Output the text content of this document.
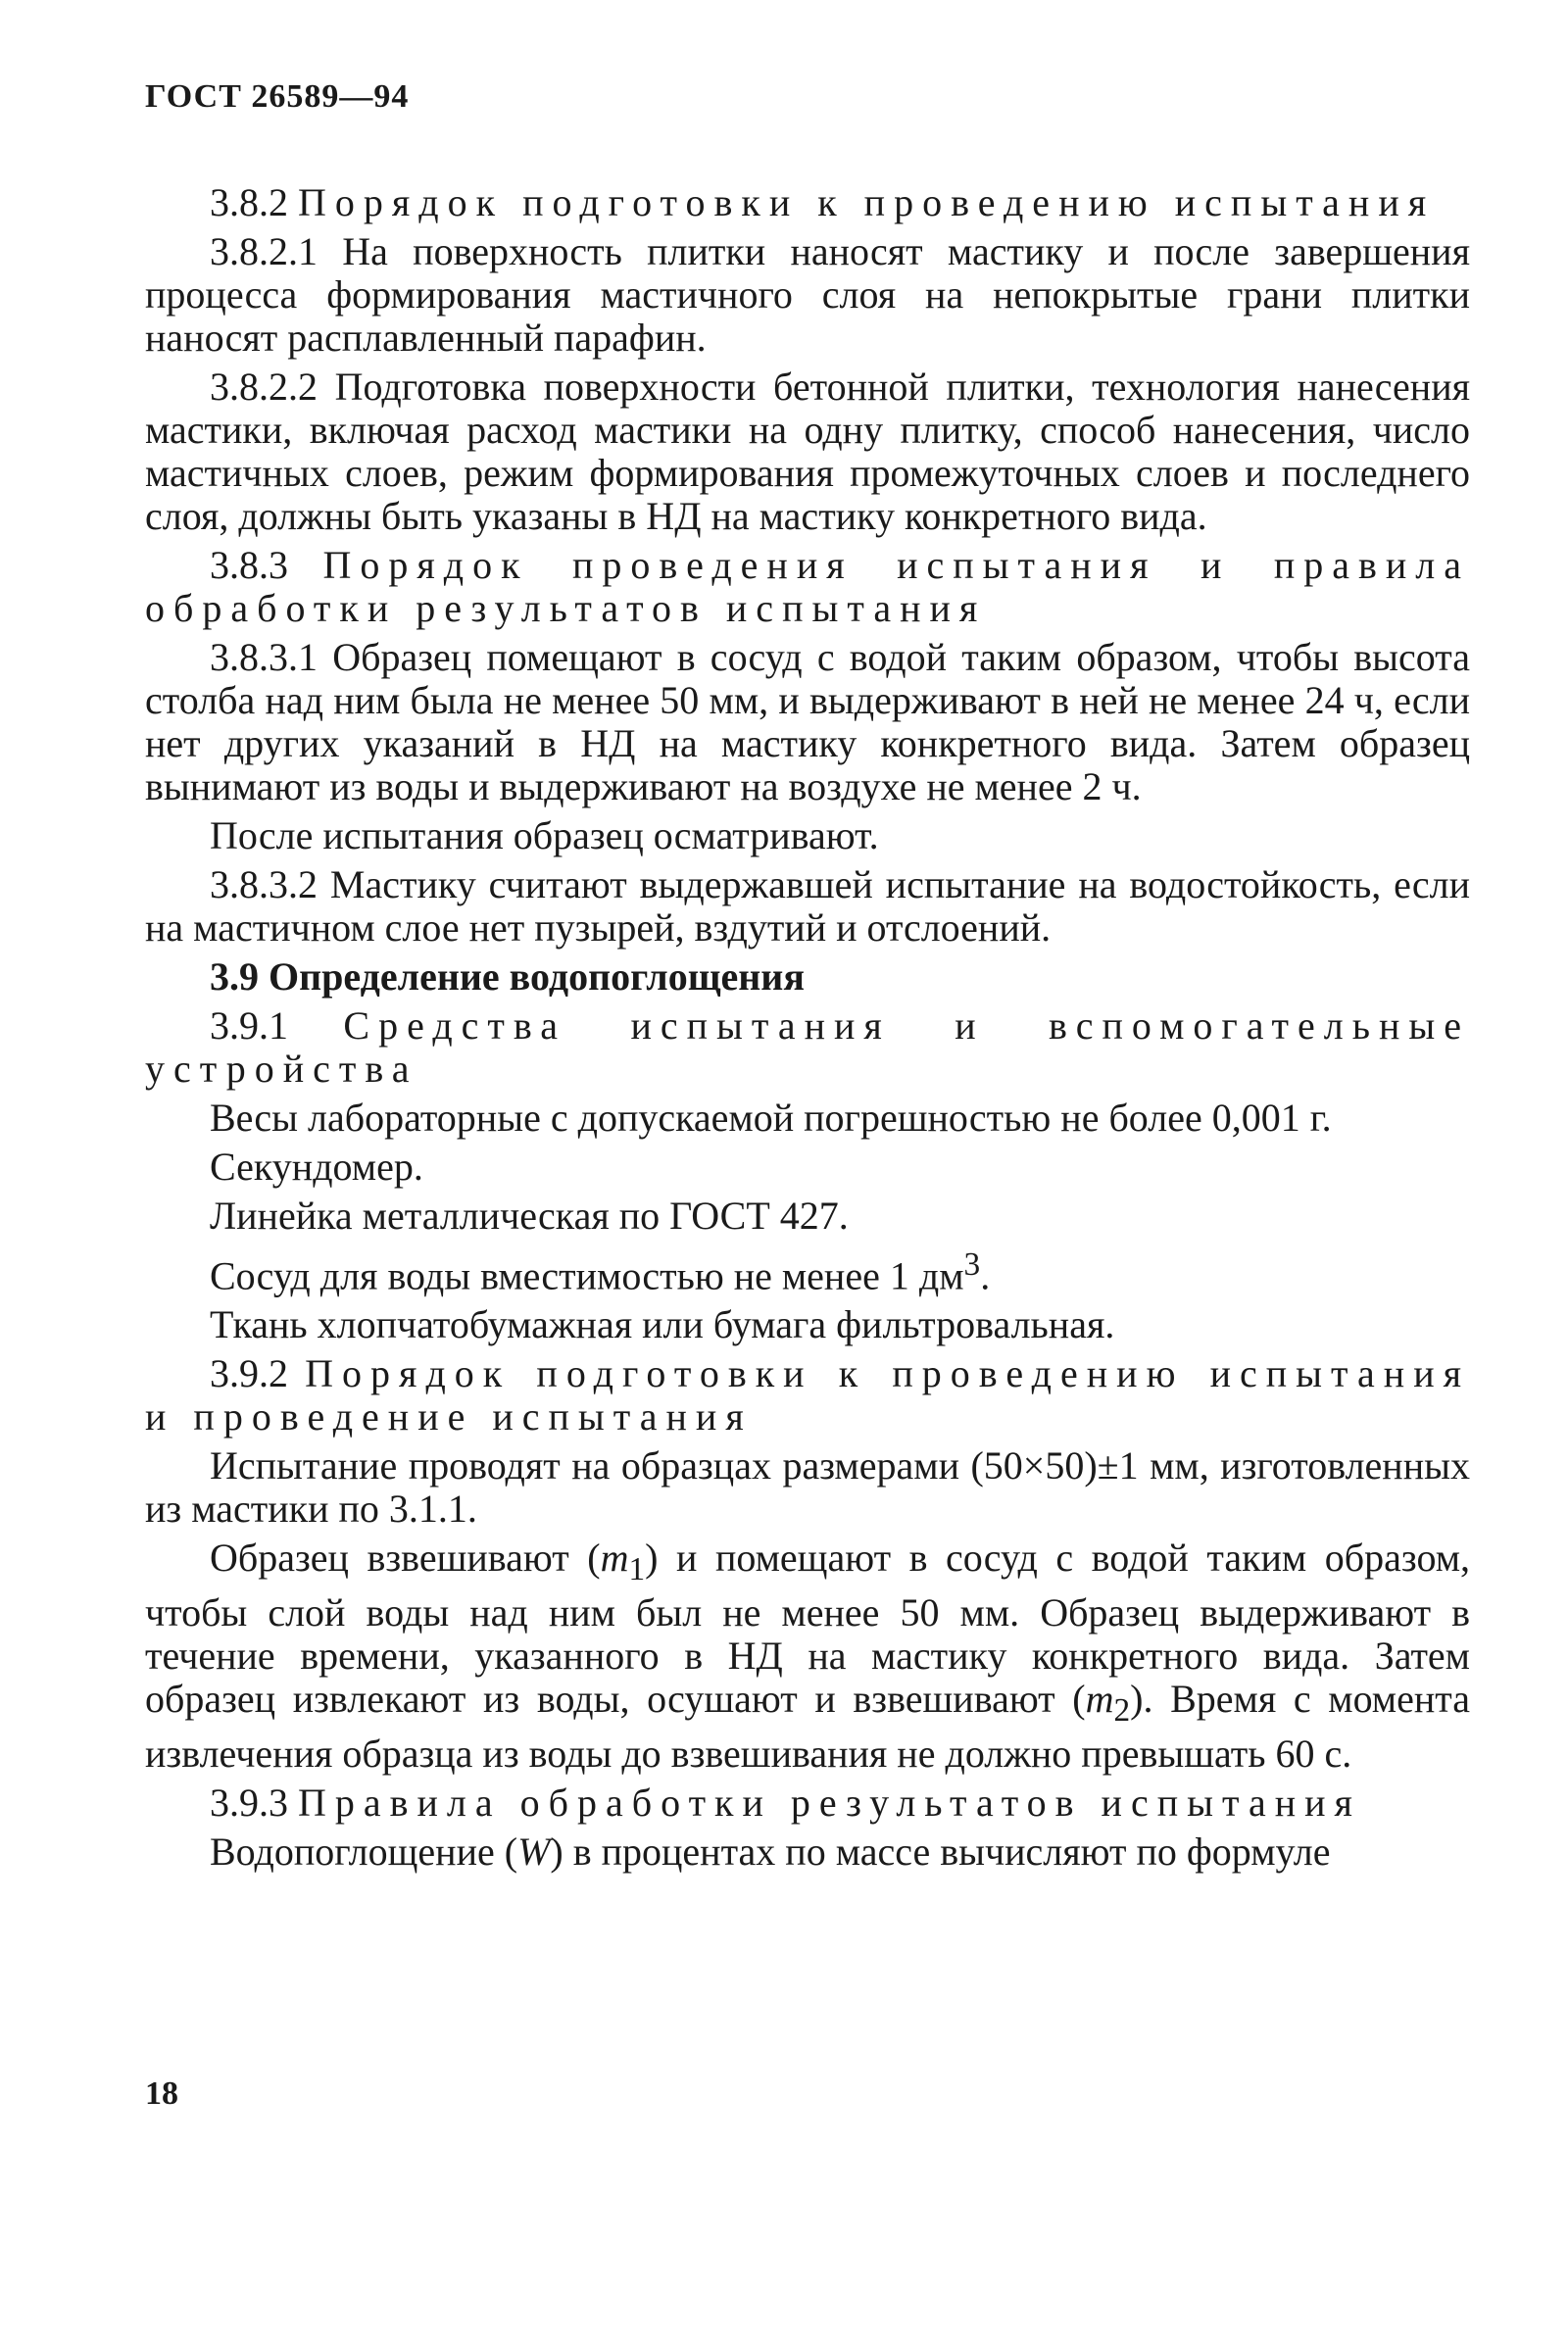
ГОСТ 26589—94

3.8.2 Порядок подготовки к проведению испытания

3.8.2.1 На поверхность плитки наносят мастику и после завершения процесса формирования мастичного слоя на непокрытые грани плитки наносят расплавленный парафин.

3.8.2.2 Подготовка поверхности бетонной плитки, технология нанесения мастики, включая расход мастики на одну плитку, способ нанесения, число мастичных слоев, режим формирования промежуточных слоев и последнего слоя, должны быть указаны в НД на мастику конкретного вида.

3.8.3 Порядок проведения испытания и правила обработки результатов испытания

3.8.3.1 Образец помещают в сосуд с водой таким образом, чтобы высота столба над ним была не менее 50 мм, и выдерживают в ней не менее 24 ч, если нет других указаний в НД на мастику конкретного вида. Затем образец вынимают из воды и выдерживают на воздухе не менее 2 ч.

После испытания образец осматривают.

3.8.3.2 Мастику считают выдержавшей испытание на водостойкость, если на мастичном слое нет пузырей, вздутий и отслоений.

3.9 Определение водопоглощения

3.9.1 Средства испытания и вспомогательные устройства

Весы лабораторные с допускаемой погрешностью не более 0,001 г.

Секундомер.

Линейка металлическая по ГОСТ 427.

Сосуд для воды вместимостью не менее 1 $дм^3$.

Ткань хлопчатобумажная или бумага фильтровальная.

3.9.2 Порядок подготовки к проведению испытания и проведение испытания

Испытание проводят на образцах размерами (50×50)±1 мм, изготовленных из мастики по 3.1.1.

Образец взвешивают $(m_1)$ и помещают в сосуд с водой таким образом, чтобы слой воды над ним был не менее 50 мм. Образец выдерживают в течение времени, указанного в НД на мастику конкретного вида. Затем образец извлекают из воды, осушают и взвешивают $(m_2)$. Время с момента извлечения образца из воды до взвешивания не должно превышать 60 с.

3.9.3 Правила обработки результатов испытания

Водопоглощение (W) в процентах по массе вычисляют по формуле

18
